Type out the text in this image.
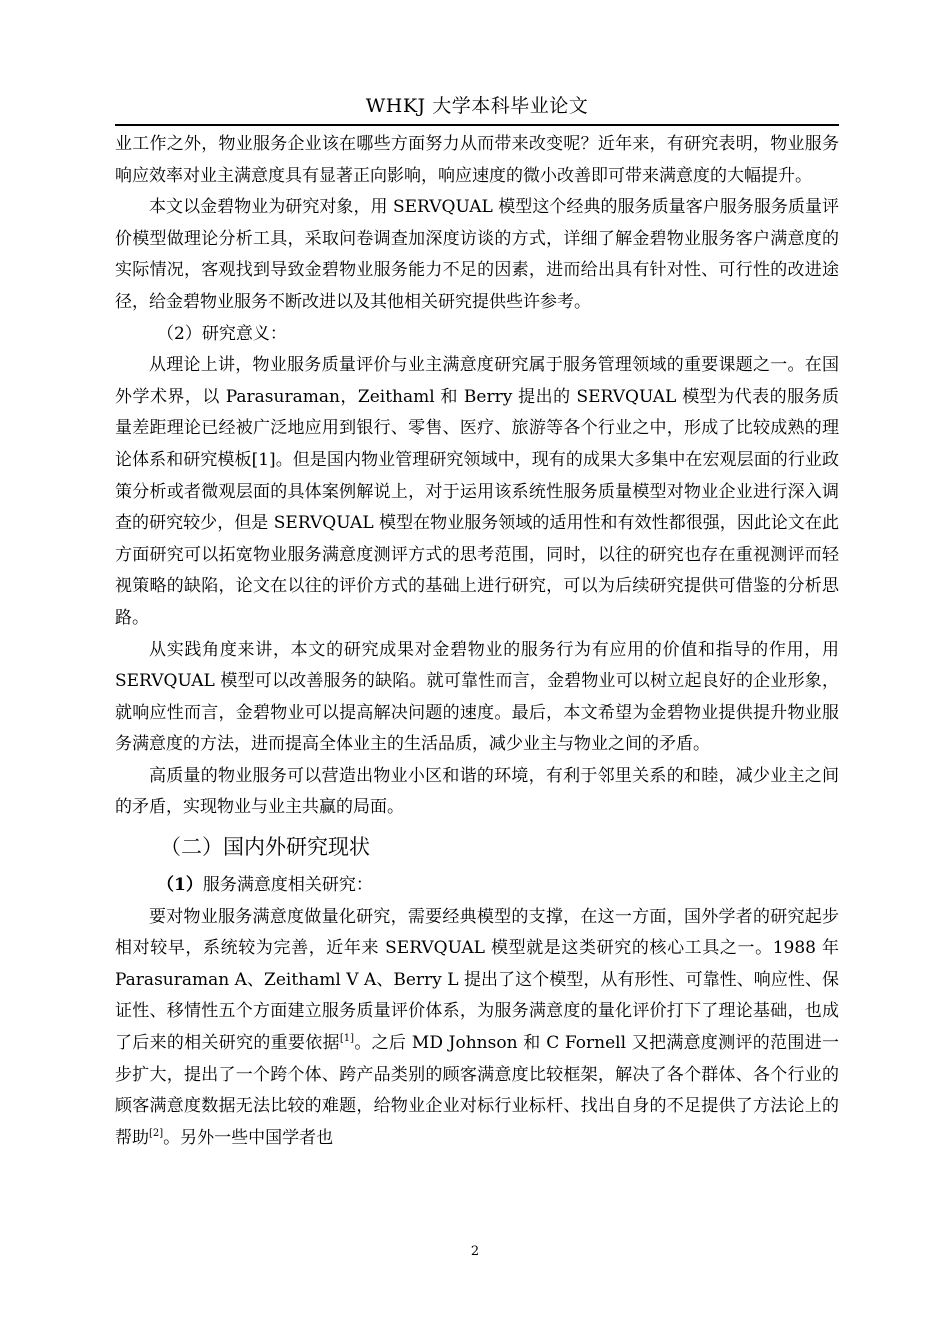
WHKJ 大学本科毕业论文

业工作之外，物业服务企业该在哪些方面努力从而带来改变呢？近年来，有研究表明，物业服务响应效率对业主满意度具有显著正向影响，响应速度的微小改善即可带来满意度的大幅提升。

本文以金碧物业为研究对象，用 SERVQUAL 模型这个经典的服务质量客户服务服务质量评价模型做理论分析工具，采取问卷调查加深度访谈的方式，详细了解金碧物业服务客户满意度的实际情况，客观找到导致金碧物业服务能力不足的因素，进而给出具有针对性、可行性的改进途径，给金碧物业服务不断改进以及其他相关研究提供些许参考。

（2）研究意义：

从理论上讲，物业服务质量评价与业主满意度研究属于服务管理领域的重要课题之一。在国外学术界，以 Parasuraman，Zeithaml 和 Berry 提出的 SERVQUAL 模型为代表的服务质量差距理论已经被广泛地应用到银行、零售、医疗、旅游等各个行业之中，形成了比较成熟的理论体系和研究模板[1]。但是国内物业管理研究领域中，现有的成果大多集中在宏观层面的行业政策分析或者微观层面的具体案例解说上，对于运用该系统性服务质量模型对物业企业进行深入调查的研究较少，但是 SERVQUAL 模型在物业服务领域的适用性和有效性都很强，因此论文在此方面研究可以拓宽物业服务满意度测评方式的思考范围，同时，以往的研究也存在重视测评而轻视策略的缺陷，论文在以往的评价方式的基础上进行研究，可以为后续研究提供可借鉴的分析思路。

从实践角度来讲，本文的研究成果对金碧物业的服务行为有应用的价值和指导的作用，用 SERVQUAL 模型可以改善服务的缺陷。就可靠性而言，金碧物业可以树立起良好的企业形象，就响应性而言，金碧物业可以提高解决问题的速度。最后，本文希望为金碧物业提供提升物业服务满意度的方法，进而提高全体业主的生活品质，减少业主与物业之间的矛盾。

高质量的物业服务可以营造出物业小区和谐的环境，有利于邻里关系的和睦，减少业主之间的矛盾，实现物业与业主共赢的局面。

（二）国内外研究现状

（1）服务满意度相关研究：

要对物业服务满意度做量化研究，需要经典模型的支撑，在这一方面，国外学者的研究起步相对较早，系统较为完善，近年来 SERVQUAL 模型就是这类研究的核心工具之一。1988 年 Parasuraman A、Zeithaml V A、Berry L 提出了这个模型，从有形性、可靠性、响应性、保证性、移情性五个方面建立服务质量评价体系，为服务满意度的量化评价打下了理论基础，也成了后来的相关研究的重要依据[1]。之后 MD Johnson 和 C Fornell 又把满意度测评的范围进一步扩大，提出了一个跨个体、跨产品类别的顾客满意度比较框架，解决了各个群体、各个行业的顾客满意度数据无法比较的难题，给物业企业对标行业标杆、找出自身的不足提供了方法论上的帮助[2]。另外一些中国学者也

2
